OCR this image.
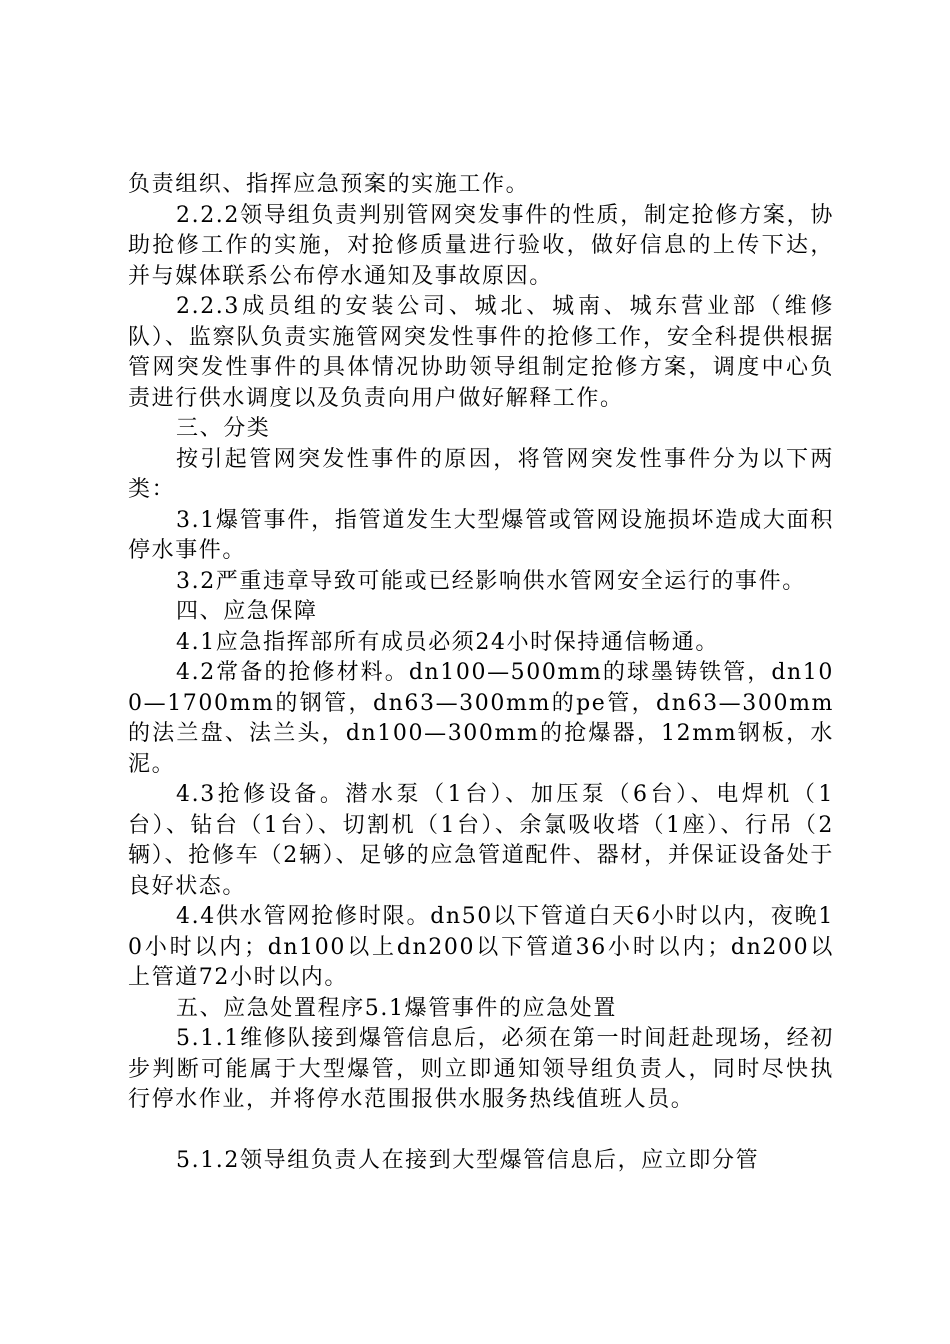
负责组织、指挥应急预案的实施工作。

2.2.2领导组负责判别管网突发事件的性质，制定抢修方案，协助抢修工作的实施，对抢修质量进行验收，做好信息的上传下达，并与媒体联系公布停水通知及事故原因。

2.2.3成员组的安装公司、城北、城南、城东营业部（维修队）、监察队负责实施管网突发性事件的抢修工作，安全科提供根据管网突发性事件的具体情况协助领导组制定抢修方案，调度中心负责进行供水调度以及负责向用户做好解释工作。

三、分类

按引起管网突发性事件的原因，将管网突发性事件分为以下两类：

3.1爆管事件，指管道发生大型爆管或管网设施损坏造成大面积停水事件。

3.2严重违章导致可能或已经影响供水管网安全运行的事件。

四、应急保障

4.1应急指挥部所有成员必须24小时保持通信畅通。

4.2常备的抢修材料。dn100—500mm的球墨铸铁管，dn100—1700mm的钢管，dn63—300mm的pe管，dn63—300mm的法兰盘、法兰头，dn100—300mm的抢爆器，12mm钢板，水泥。

4.3抢修设备。潜水泵（1台）、加压泵（6台）、电焊机（1台）、钻台（1台）、切割机（1台）、余氯吸收塔（1座）、行吊（2辆）、抢修车（2辆）、足够的应急管道配件、器材，并保证设备处于良好状态。

4.4供水管网抢修时限。dn50以下管道白天6小时以内，夜晚10小时以内；dn100以上dn200以下管道36小时以内；dn200以上管道72小时以内。

五、应急处置程序5.1爆管事件的应急处置

5.1.1维修队接到爆管信息后，必须在第一时间赶赴现场，经初步判断可能属于大型爆管，则立即通知领导组负责人，同时尽快执行停水作业，并将停水范围报供水服务热线值班人员。

5.1.2领导组负责人在接到大型爆管信息后，应立即分管
